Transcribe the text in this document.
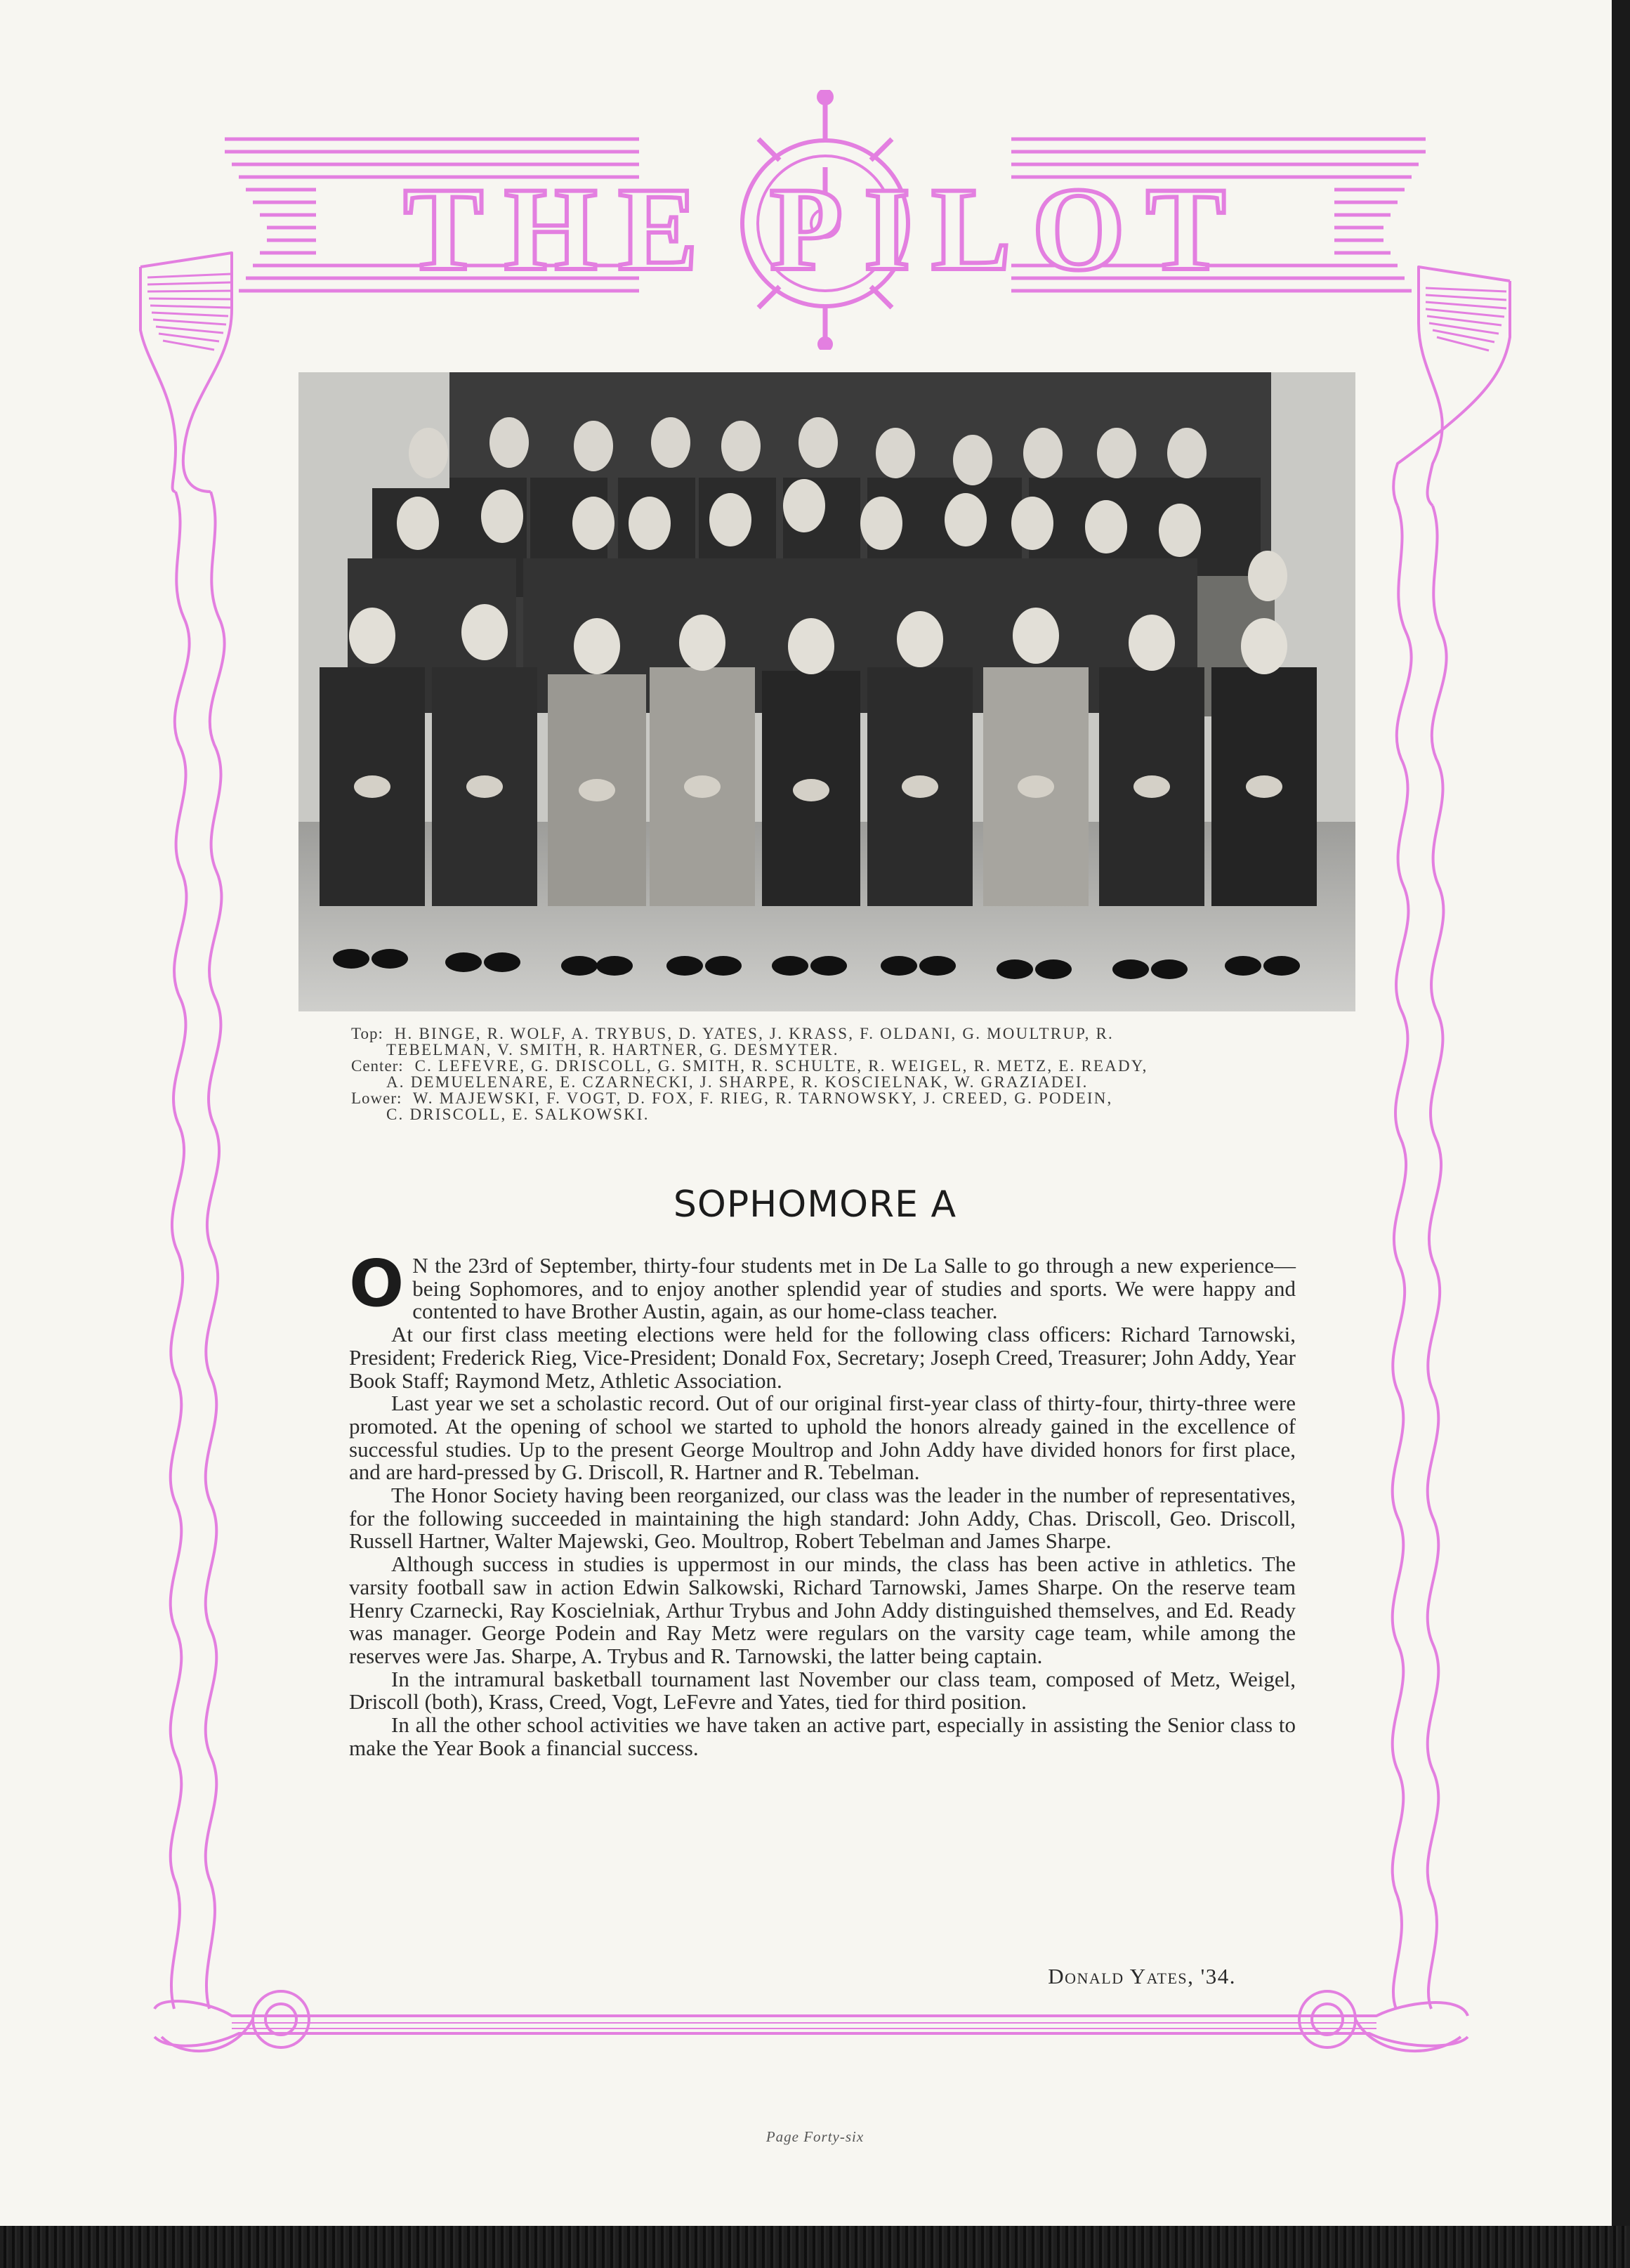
THE PILOT
Top: H. BINGE, R. WOLF, A. TRYBUS, D. YATES, J. KRASS, F. OLDANI, G. MOULTRUP, R.
TEBELMAN, V. SMITH, R. HARTNER, G. DESMYTER.
Center: C. LEFEVRE, G. DRISCOLL, G. SMITH, R. SCHULTE, R. WEIGEL, R. METZ, E. READY,
A. DEMUELENARE, E. CZARNECKI, J. SHARPE, R. KOSCIELNAK, W. GRAZIADEI.
Lower: W. MAJEWSKI, F. VOGT, D. FOX, F. RIEG, R. TARNOWSKY, J. CREED, G. PODEIN,
C. DRISCOLL, E. SALKOWSKI.
SOPHOMORE A

O N the 23rd of September, thirty-four students met in De La Salle to go through a new experience—being Sophomores, and to enjoy another splendid year of studies and sports. We were happy and contented to have Brother Austin, again, as our home-class teacher.

At our first class meeting elections were held for the following class officers: Richard Tarnowski, President; Frederick Rieg, Vice-President; Donald Fox, Secretary; Joseph Creed, Treasurer; John Addy, Year Book Staff; Raymond Metz, Athletic Association.

Last year we set a scholastic record. Out of our original first-year class of thirty-four, thirty-three were promoted. At the opening of school we started to uphold the honors already gained in the excellence of successful studies. Up to the present George Moultrop and John Addy have divided honors for first place, and are hard-pressed by G. Driscoll, R. Hartner and R. Tebelman.

The Honor Society having been reorganized, our class was the leader in the number of representatives, for the following succeeded in maintaining the high standard: John Addy, Chas. Driscoll, Geo. Driscoll, Russell Hartner, Walter Majewski, Geo. Moultrop, Robert Tebelman and James Sharpe.

Although success in studies is uppermost in our minds, the class has been active in athletics. The varsity football saw in action Edwin Salkowski, Richard Tarnowski, James Sharpe. On the reserve team Henry Czarnecki, Ray Koscielniak, Arthur Trybus and John Addy distinguished themselves, and Ed. Ready was manager. George Podein and Ray Metz were regulars on the varsity cage team, while among the reserves were Jas. Sharpe, A. Trybus and R. Tarnowski, the latter being captain.

In the intramural basketball tournament last November our class team, composed of Metz, Weigel, Driscoll (both), Krass, Creed, Vogt, LeFevre and Yates, tied for third position.

In all the other school activities we have taken an active part, especially in assisting the Senior class to make the Year Book a financial success.

Donald Yates, '34.
Page Forty-six
